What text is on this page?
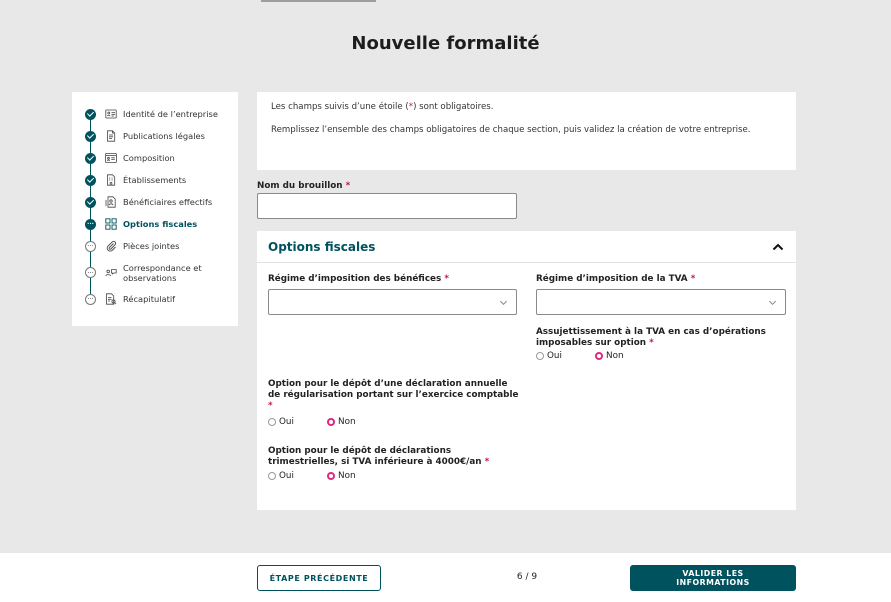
Nouvelle formalité
Identité de l’entreprise
Publications légales
Composition
Établissements
Bénéficiaires effectifs
•••
Options fiscales
•••
Pièces jointes
•••
Correspondance et observations
•••
Récapitulatif

Les champs suivis d’une étoile (*) sont obligatoires.

Remplissez l’ensemble des champs obligatoires de chaque section, puis validez la création de votre entreprise.

Nom du brouillon *
Options fiscales
Régime d’imposition des bénéfices *	Régime d’imposition de la TVA *
Assujettissement à la TVA en cas d’opérations
imposables sur option *
Oui	Non
Option pour le dépôt d’une déclaration annuelle
de régularisation portant sur l’exercice comptable
*
Oui	Non
Option pour le dépôt de déclarations
trimestrielles, si TVA inférieure à 4000€/an *
Oui	Non
ÉTAPE PRÉCÉDENTE	6 / 9	VALIDER LES INFORMATIONS
